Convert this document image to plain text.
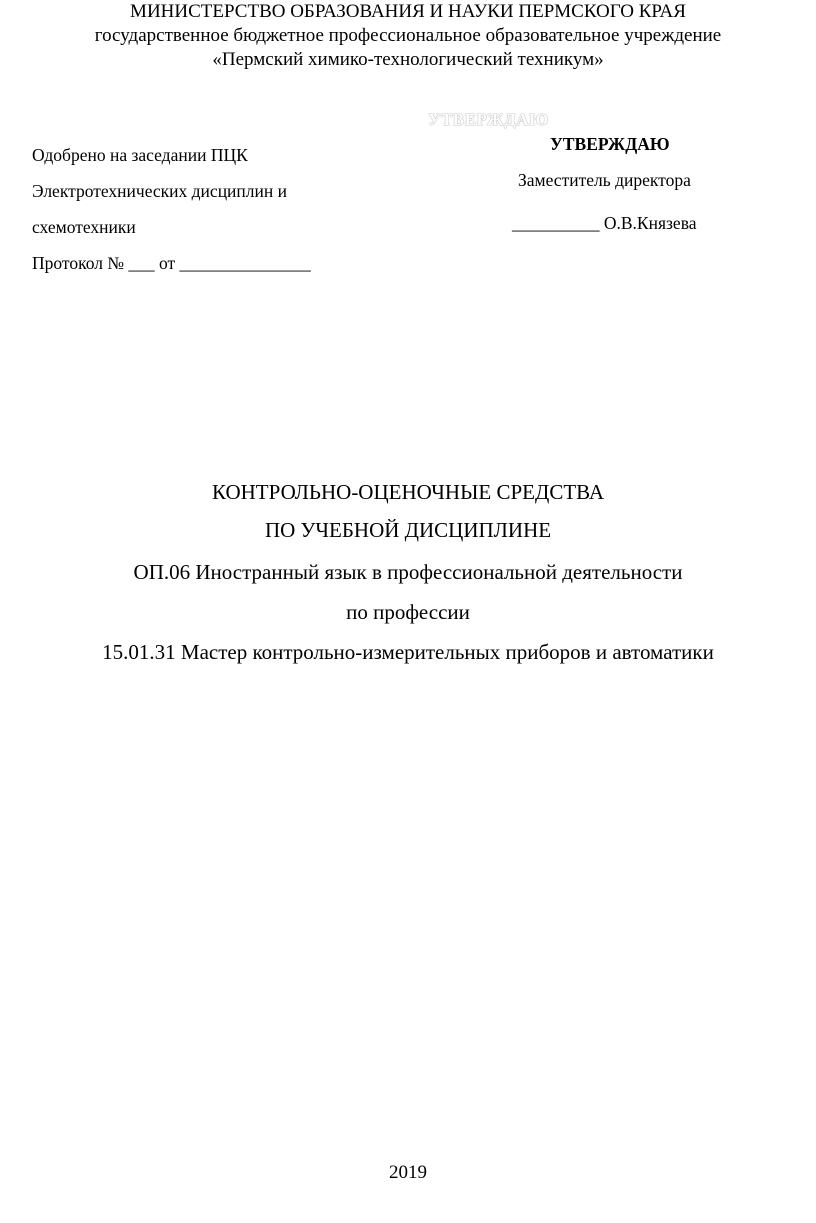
МИНИСТЕРСТВО ОБРАЗОВАНИЯ И НАУКИ ПЕРМСКОГО КРАЯ
государственное бюджетное профессиональное образовательное учреждение
«Пермский химико-технологический техникум»
Одобрено на заседании ПЦК
Электротехнических дисциплин и
схемотехники
Протокол № ___ от _______________
УТВЕРЖДАЮ
УТВЕРЖДАЮ
Заместитель директора
__________ О.В.Князева
КОНТРОЛЬНО-ОЦЕНОЧНЫЕ СРЕДСТВА
ПО УЧЕБНОЙ ДИСЦИПЛИНЕ
ОП.06 Иностранный язык в профессиональной деятельности
по профессии
15.01.31 Мастер контрольно-измерительных приборов и автоматики
2019
